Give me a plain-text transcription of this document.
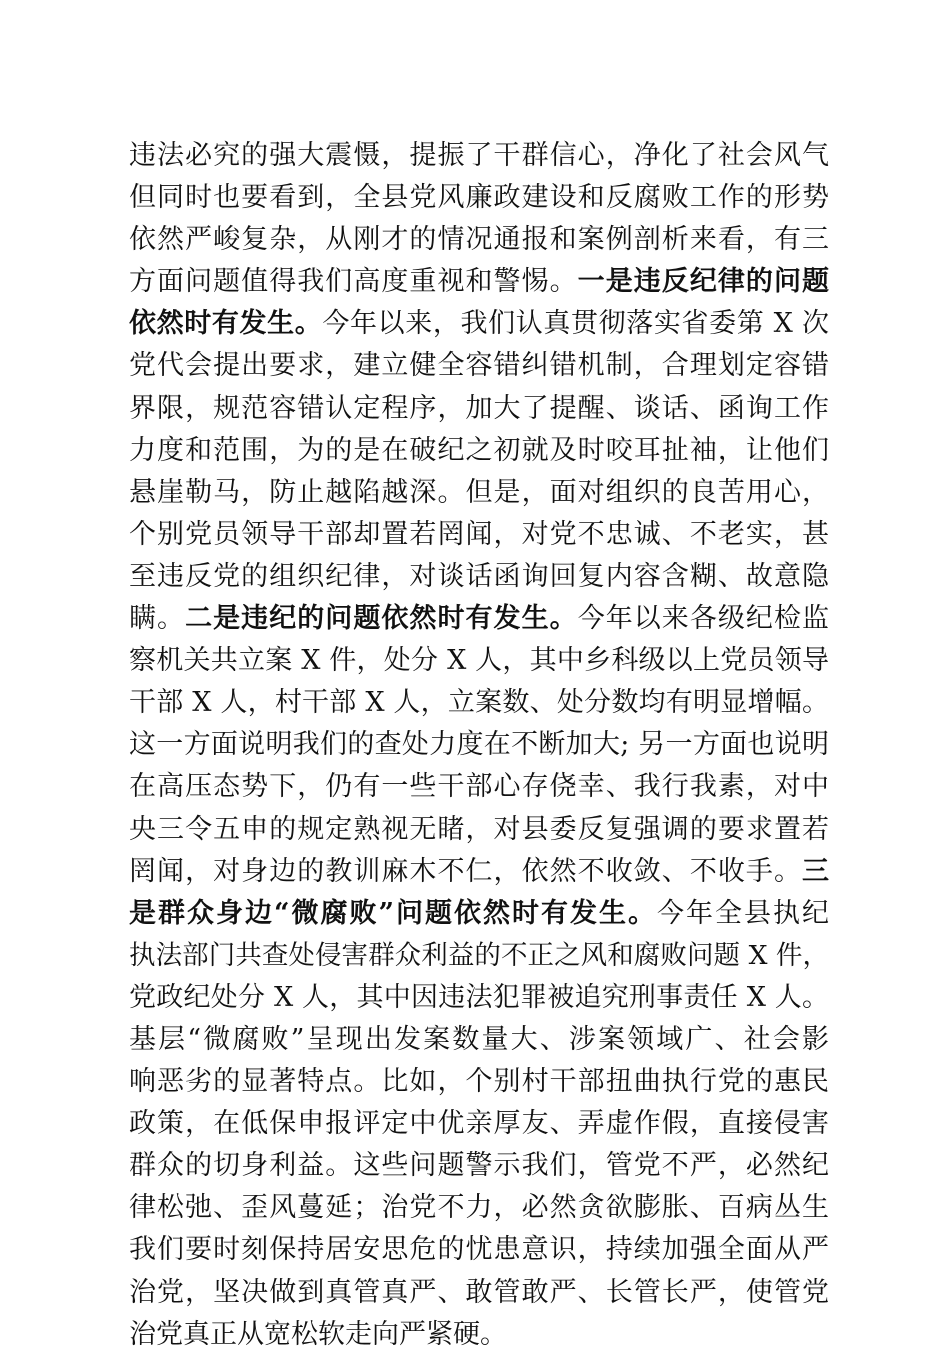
违法必究的强大震慑，提振了干群信心，净化了社会风气
但同时也要看到，全县党风廉政建设和反腐败工作的形势
依然严峻复杂，从刚才的情况通报和案例剖析来看，有三
方面问题值得我们高度重视和警惕。一是违反纪律的问题
依然时有发生。今年以来，我们认真贯彻落实省委第 X 次
党代会提出要求，建立健全容错纠错机制，合理划定容错
界限，规范容错认定程序，加大了提醒、谈话、函询工作
力度和范围，为的是在破纪之初就及时咬耳扯袖，让他们
悬崖勒马，防止越陷越深。但是，面对组织的良苦用心，
个别党员领导干部却置若罔闻，对党不忠诚、不老实，甚
至违反党的组织纪律，对谈话函询回复内容含糊、故意隐
瞒。二是违纪的问题依然时有发生。今年以来各级纪检监
察机关共立案 X 件，处分 X 人，其中乡科级以上党员领导
干部 X 人，村干部 X 人，立案数、处分数均有明显增幅。
这一方面说明我们的查处力度在不断加大; 另一方面也说明
在高压态势下，仍有一些干部心存侥幸、我行我素，对中
央三令五申的规定熟视无睹，对县委反复强调的要求置若
罔闻，对身边的教训麻木不仁，依然不收敛、不收手。三
是群众身边“微腐败”问题依然时有发生。今年全县执纪
执法部门共查处侵害群众利益的不正之风和腐败问题 X 件，
党政纪处分 X 人，其中因违法犯罪被追究刑事责任 X 人。
基层“微腐败”呈现出发案数量大、涉案领域广、社会影
响恶劣的显著特点。比如，个别村干部扭曲执行党的惠民
政策，在低保申报评定中优亲厚友、弄虚作假，直接侵害
群众的切身利益。这些问题警示我们，管党不严，必然纪
律松弛、歪风蔓延；治党不力，必然贪欲膨胀、百病丛生
我们要时刻保持居安思危的忧患意识，持续加强全面从严
治党，坚决做到真管真严、敢管敢严、长管长严，使管党
治党真正从宽松软走向严紧硬。
